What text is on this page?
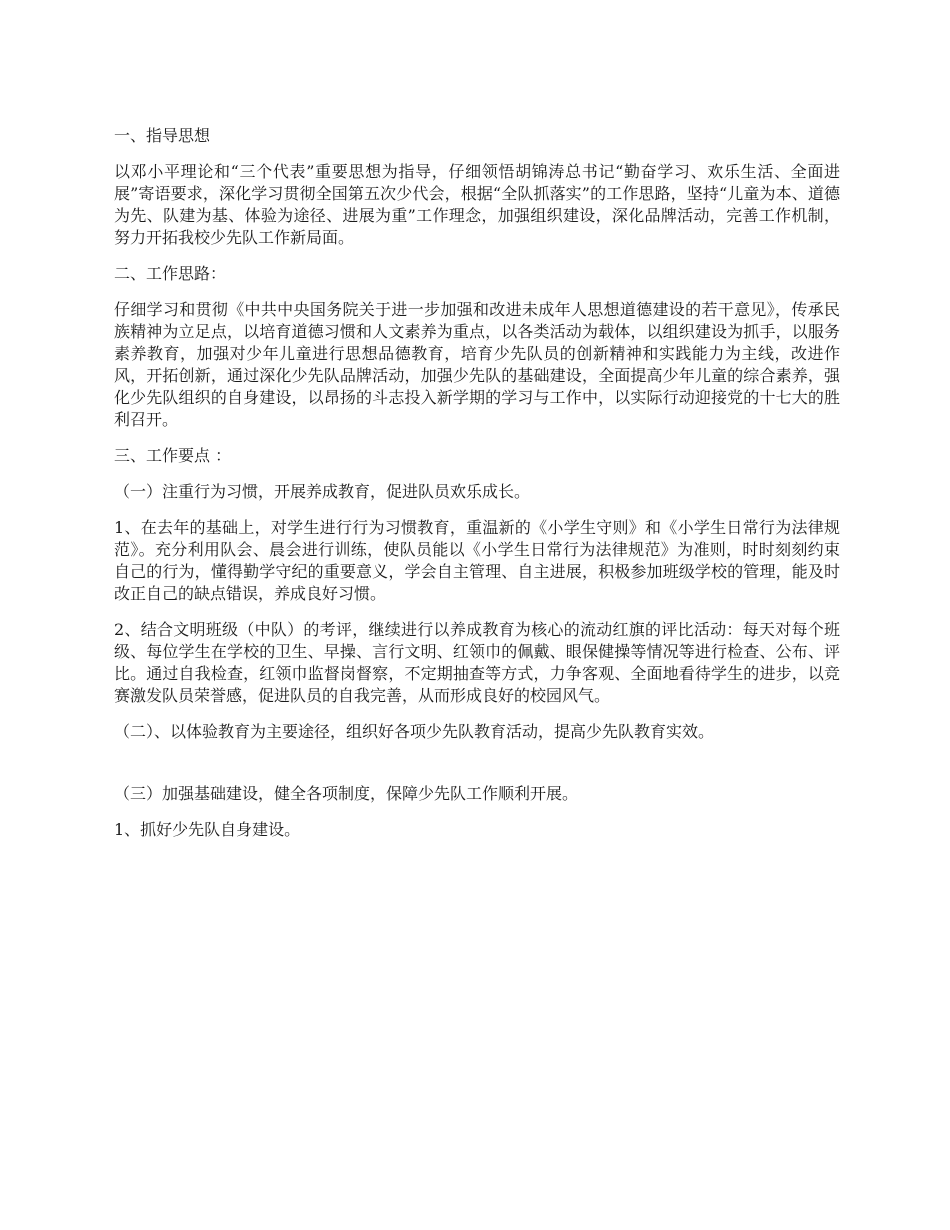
一、指导思想

以邓小平理论和“三个代表”重要思想为指导，仔细领悟胡锦涛总书记“勤奋学习、欢乐生活、全面进展”寄语要求，深化学习贯彻全国第五次少代会，根据“全队抓落实”的工作思路，坚持“儿童为本、道德为先、队建为基、体验为途径、进展为重”工作理念，加强组织建设，深化品牌活动，完善工作机制，努力开拓我校少先队工作新局面。

二、工作思路：

仔细学习和贯彻《中共中央国务院关于进一步加强和改进未成年人思想道德建设的若干意见》，传承民族精神为立足点，以培育道德习惯和人文素养为重点，以各类活动为载体，以组织建设为抓手，以服务素养教育，加强对少年儿童进行思想品德教育，培育少先队员的创新精神和实践能力为主线，改进作风，开拓创新，通过深化少先队品牌活动，加强少先队的基础建设，全面提高少年儿童的综合素养，强化少先队组织的自身建设，以昂扬的斗志投入新学期的学习与工作中，以实际行动迎接党的十七大的胜利召开。

三、工作要点 ：

（一）注重行为习惯，开展养成教育，促进队员欢乐成长。

1、在去年的基础上，对学生进行行为习惯教育，重温新的《小学生守则》和《小学生日常行为法律规范》。充分利用队会、晨会进行训练，使队员能以《小学生日常行为法律规范》为准则，时时刻刻约束自己的行为，懂得勤学守纪的重要意义，学会自主管理、自主进展，积极参加班级学校的管理，能及时改正自己的缺点错误，养成良好习惯。

2、结合文明班级（中队）的考评，继续进行以养成教育为核心的流动红旗的评比活动：每天对每个班级、每位学生在学校的卫生、早操、言行文明、红领巾的佩戴、眼保健操等情况等进行检查、公布、评比。通过自我检查，红领巾监督岗督察，不定期抽查等方式，力争客观、全面地看待学生的进步，以竞赛激发队员荣誉感，促进队员的自我完善，从而形成良好的校园风气。

（二）、以体验教育为主要途径，组织好各项少先队教育活动，提高少先队教育实效。

（三）加强基础建设，健全各项制度，保障少先队工作顺利开展。

1、抓好少先队自身建设。
